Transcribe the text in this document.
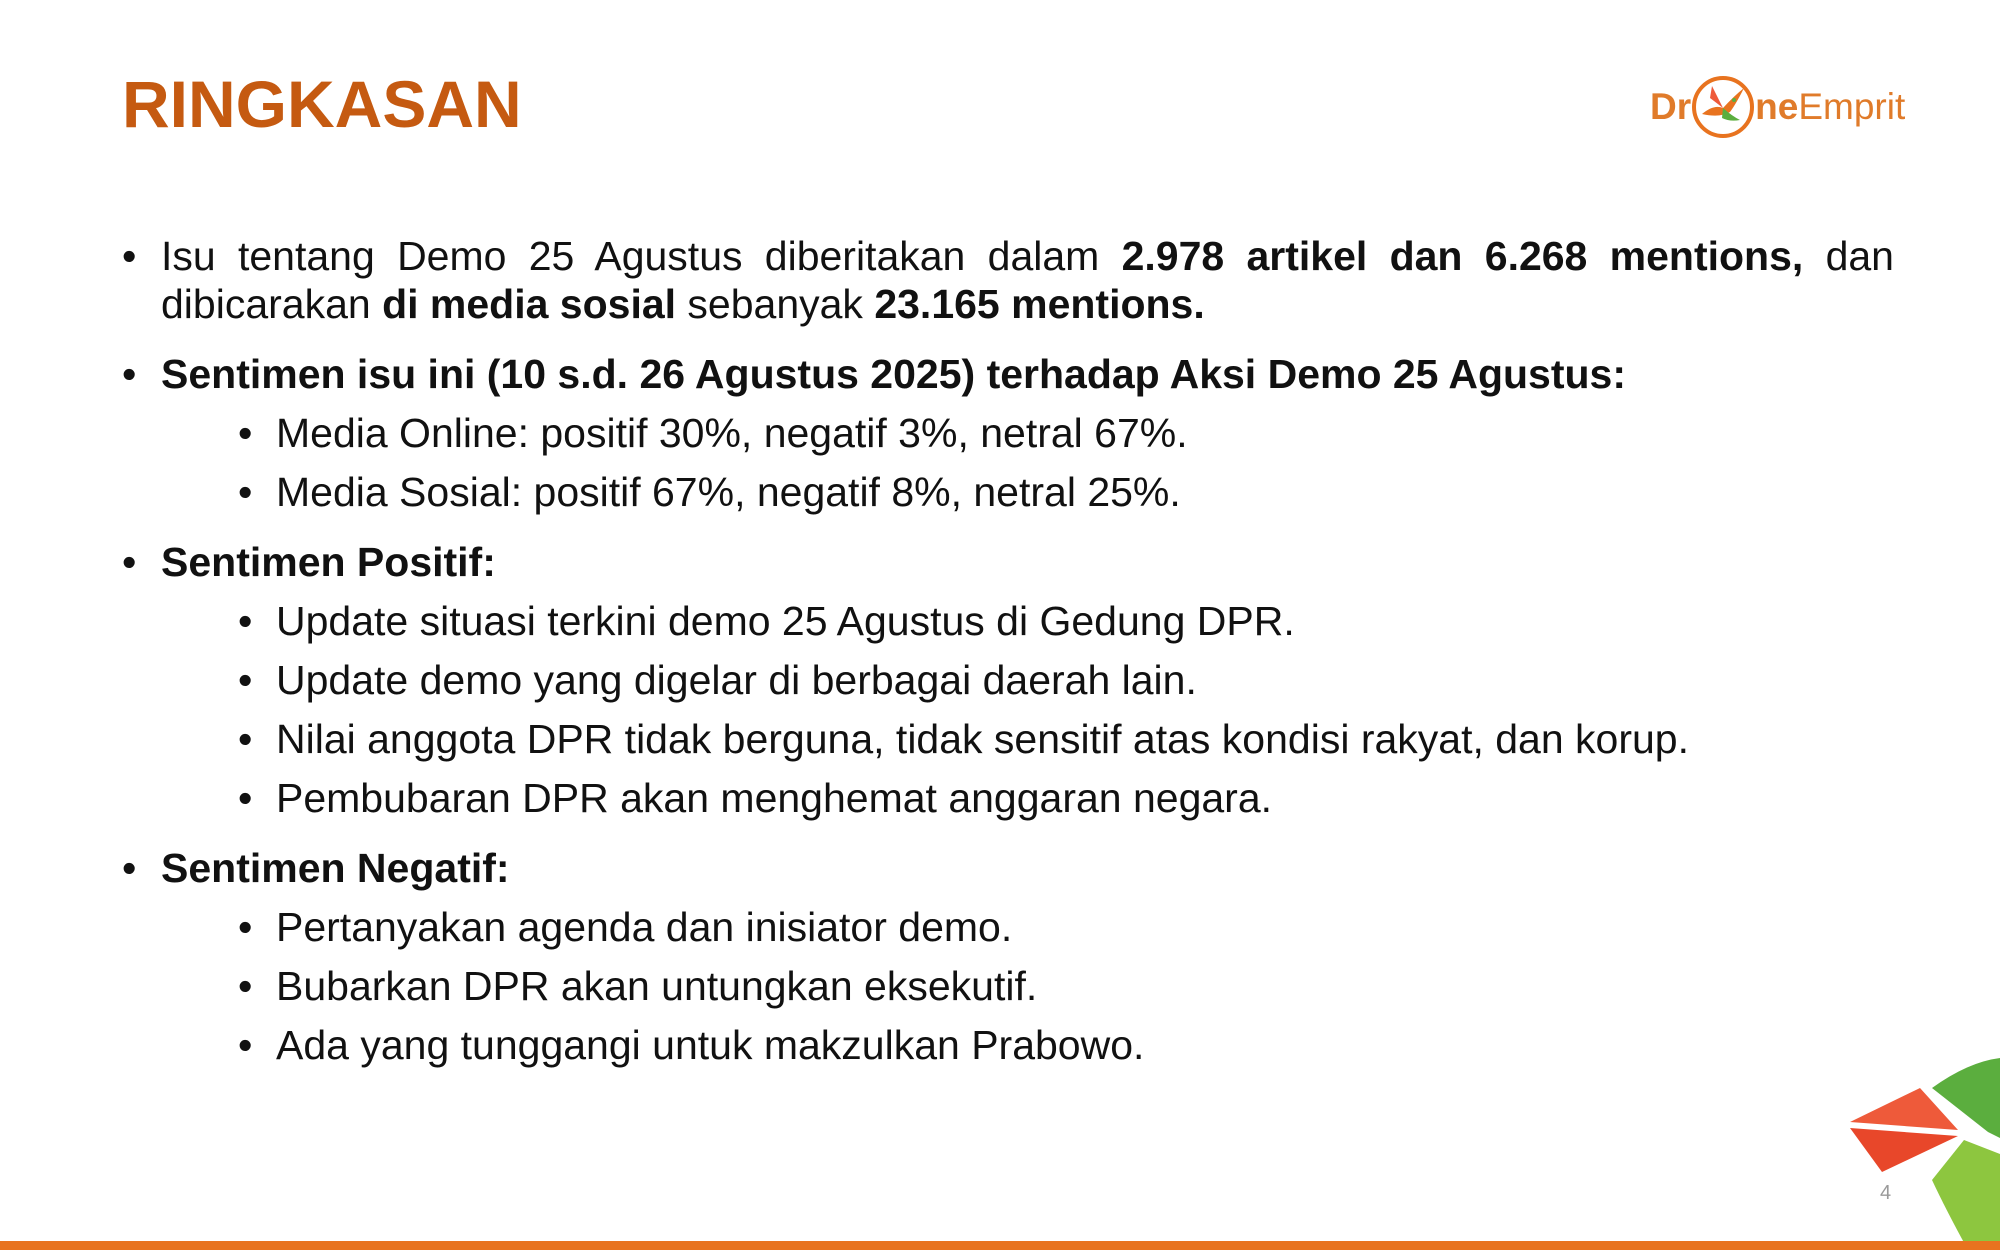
RINGKASAN	Dr ne Empri t
• Isu tentang Demo 25 Agustus diberitakan dalam 2.978 artikel dan 6.268 mentions, dan dibicarakan di media sosial sebanyak 23.165 mentions.
• Sentimen isu ini (10 s.d. 26 Agustus 2025) terhadap Aksi Demo 25 Agustus:
• Media Online: positif 30%, negatif 3%, netral 67%.
• Media Sosial: positif 67%, negatif 8%, netral 25%.
• Sentimen Positif:
• Update situasi terkini demo 25 Agustus di Gedung DPR.
• Update demo yang digelar di berbagai daerah lain.
• Nilai anggota DPR tidak berguna, tidak sensitif atas kondisi rakyat, dan korup.
• Pembubaran DPR akan menghemat anggaran negara.
• Sentimen Negatif:
• Pertanyakan agenda dan inisiator demo.
• Bubarkan DPR akan untungkan eksekutif.
• Ada yang tunggangi untuk makzulkan Prabowo.
4
